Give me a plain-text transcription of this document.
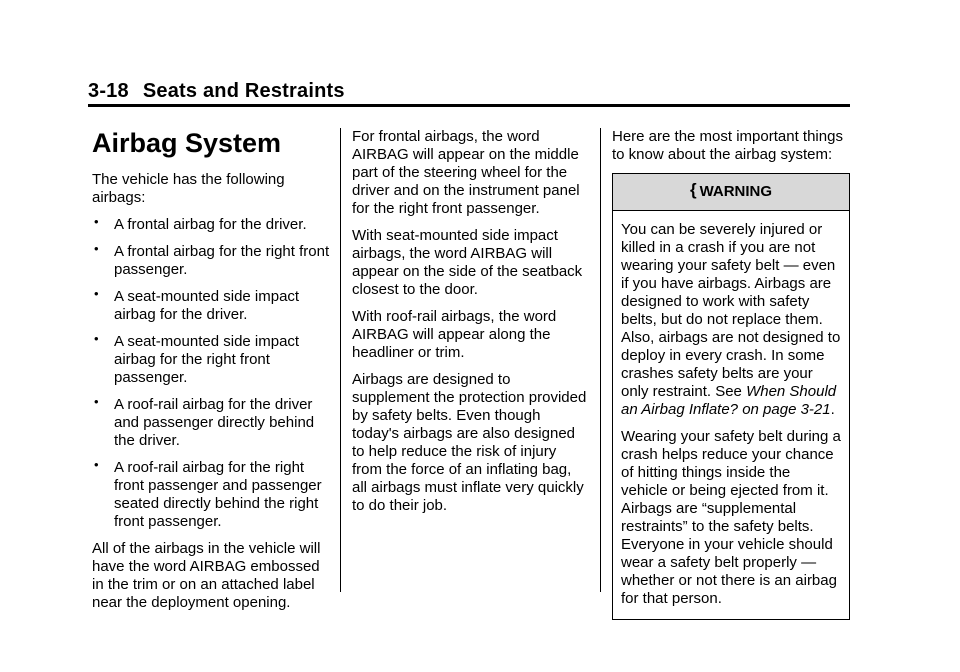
3-18 Seats and Restraints
Airbag System

The vehicle has the following airbags:

• A frontal airbag for the driver.
• A frontal airbag for the right front passenger.
• A seat-mounted side impact airbag for the driver.
• A seat-mounted side impact airbag for the right front passenger.
• A roof-rail airbag for the driver and passenger directly behind the driver.
• A roof-rail airbag for the right front passenger and passenger seated directly behind the right front passenger.

All of the airbags in the vehicle will have the word AIRBAG embossed in the trim or on an attached label near the deployment opening.

For frontal airbags, the word AIRBAG will appear on the middle part of the steering wheel for the driver and on the instrument panel for the right front passenger.

With seat-mounted side impact airbags, the word AIRBAG will appear on the side of the seatback closest to the door.

With roof-rail airbags, the word AIRBAG will appear along the headliner or trim.

Airbags are designed to supplement the protection provided by safety belts. Even though today's airbags are also designed to help reduce the risk of injury from the force of an inflating bag, all airbags must inflate very quickly to do their job.

Here are the most important things to know about the airbag system:

{ WARNING

You can be severely injured or killed in a crash if you are not wearing your safety belt — even if you have airbags. Airbags are designed to work with safety belts, but do not replace them. Also, airbags are not designed to deploy in every crash. In some crashes safety belts are your only restraint. See When Should an Airbag Inflate? on page 3-21.

Wearing your safety belt during a crash helps reduce your chance of hitting things inside the vehicle or being ejected from it. Airbags are “supplemental restraints” to the safety belts. Everyone in your vehicle should wear a safety belt properly — whether or not there is an airbag for that person.
